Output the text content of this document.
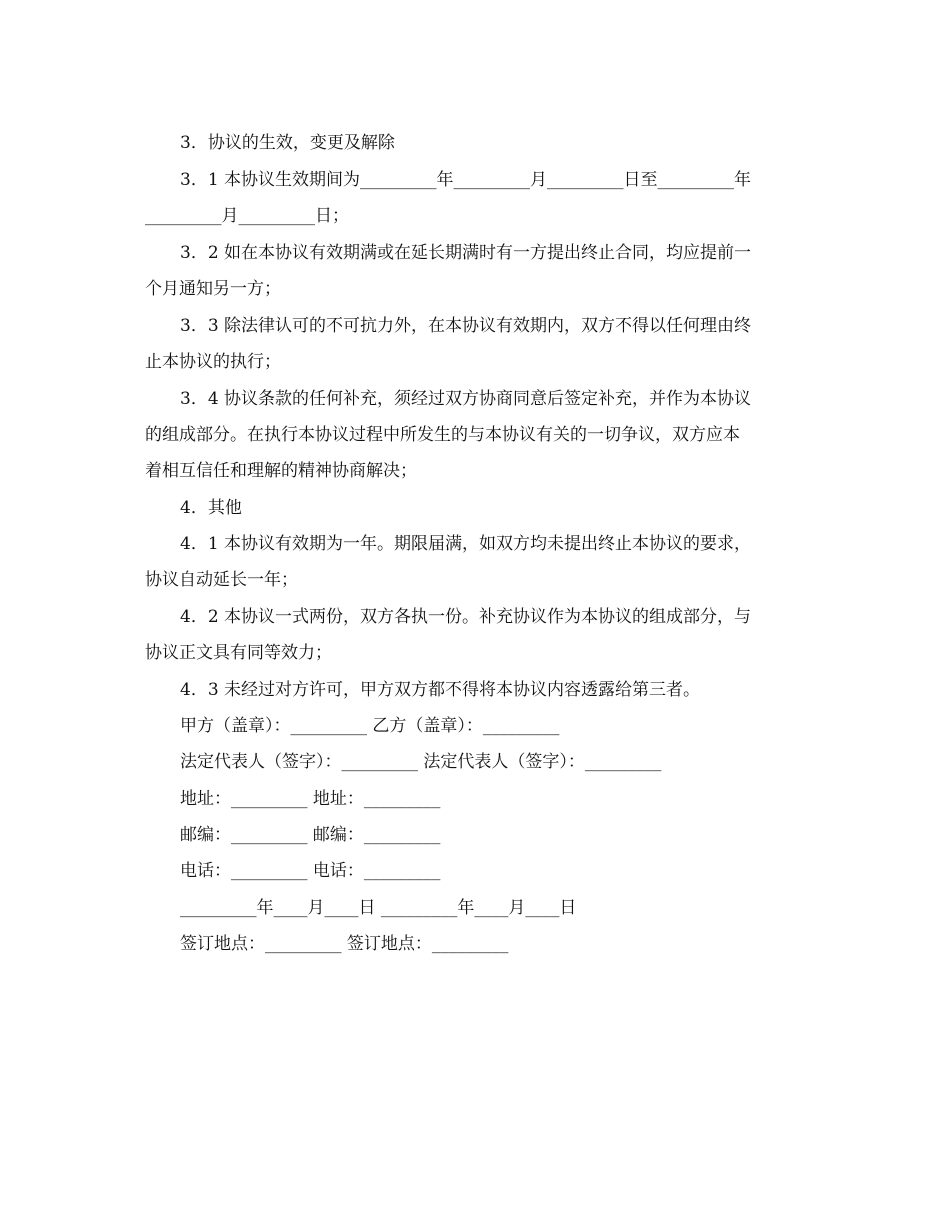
3．协议的生效，变更及解除
3．1 本协议生效期间为_________年_________月_________日至_________年
_________月_________日；
3．2 如在本协议有效期满或在延长期满时有一方提出终止合同，均应提前一
个月通知另一方；
3．3 除法律认可的不可抗力外，在本协议有效期内，双方不得以任何理由终
止本协议的执行；
3．4 协议条款的任何补充，须经过双方协商同意后签定补充，并作为本协议
的组成部分。在执行本协议过程中所发生的与本协议有关的一切争议，双方应本
着相互信任和理解的精神协商解决；
4．其他
4．1 本协议有效期为一年。期限届满，如双方均未提出终止本协议的要求，
协议自动延长一年；
4．2 本协议一式两份，双方各执一份。补充协议作为本协议的组成部分，与
协议正文具有同等效力；
4．3 未经过对方许可，甲方双方都不得将本协议内容透露给第三者。
甲方（盖章）：_________ 乙方（盖章）：_________
法定代表人（签字）：_________ 法定代表人（签字）：_________
地址：_________ 地址：_________
邮编：_________ 邮编：_________
电话：_________ 电话：_________
_________年____月____日 _________年____月____日
签订地点：_________ 签订地点：_________
